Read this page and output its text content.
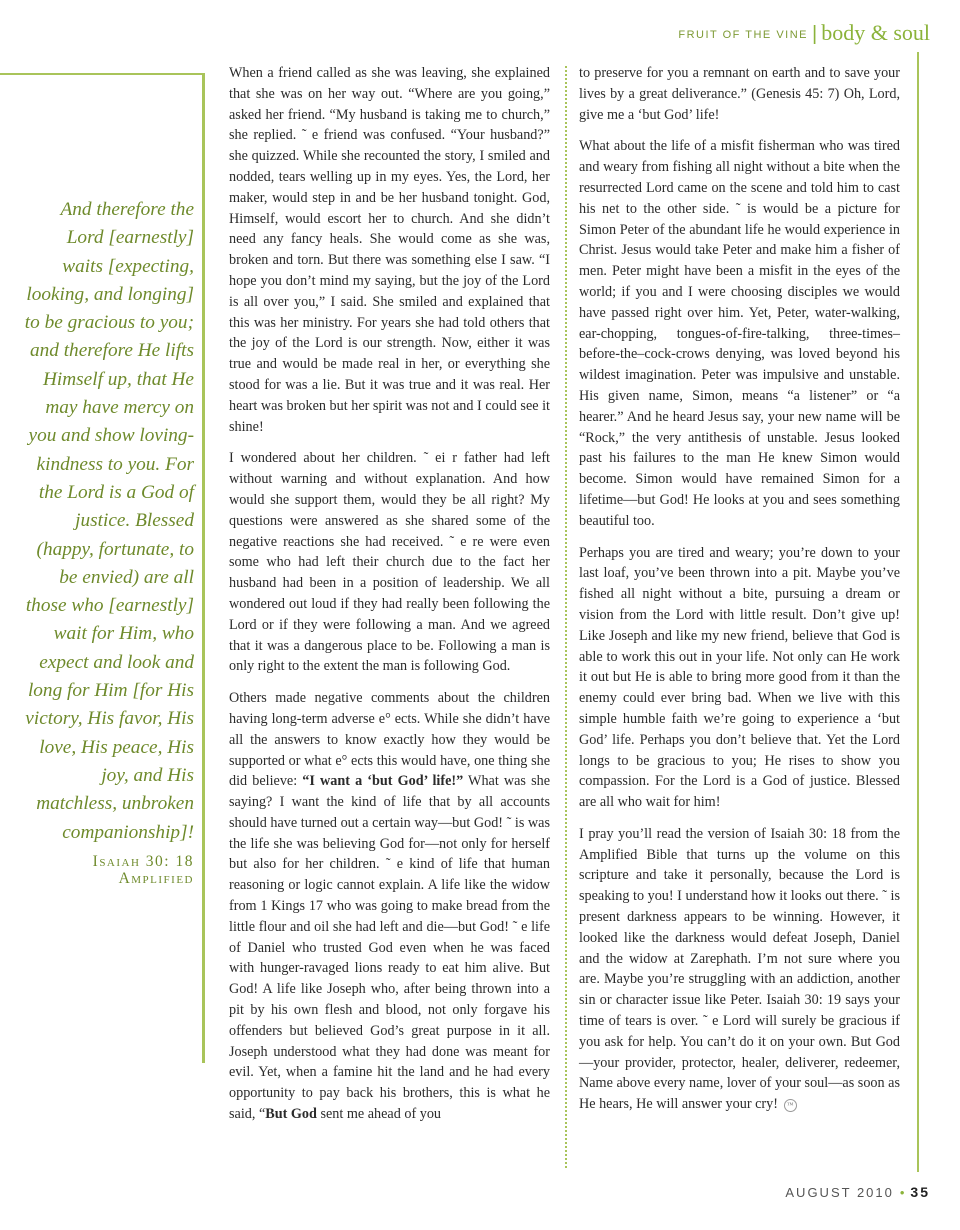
FRUIT OF THE VINE | body & soul
And therefore the Lord [earnestly] waits [expecting, looking, and longing] to be gracious to you; and therefore He lifts Himself up, that He may have mercy on you and show loving-kindness to you. For the Lord is a God of justice. Blessed (happy, fortunate, to be envied) are all those who [earnestly] wait for Him, who expect and look and long for Him [for His victory, His favor, His love, His peace, His joy, and His matchless, unbroken companionship]!
Isaiah 30: 18
Amplified

When a friend called as she was leaving, she explained that she was on her way out. “Where are you going,” asked her friend. “My husband is taking me to church,” she replied. ˜ e friend was confused. “Your husband?” she quizzed. While she recounted the story, I smiled and nodded, tears welling up in my eyes. Yes, the Lord, her maker, would step in and be her husband tonight. God, Himself, would escort her to church. And she didn’t need any fancy heals. She would come as she was, broken and torn. But there was something else I saw. “I hope you don’t mind my saying, but the joy of the Lord is all over you,” I said. She smiled and explained that this was her ministry. For years she had told others that the joy of the Lord is our strength. Now, either it was true and would be made real in her, or everything she stood for was a lie. But it was true and it was real. Her heart was broken but her spirit was not and I could see it shine!

I wondered about her children. ˜ ei r father had left without warning and without explanation. And how would she support them, would they be all right? My questions were answered as she shared some of the negative reactions she had received. ˜ e re were even some who had left their church due to the fact her husband had been in a position of leadership. We all wondered out loud if they had really been following the Lord or if they were following a man. And we agreed that it was a dangerous place to be. Following a man is only right to the extent the man is following God.

Others made negative comments about the children having long-term adverse e° ects. While she didn’t have all the answers to know exactly how they would be supported or what e° ects this would have, one thing she did believe: “I want a ‘but God’ life!” What was she saying? I want the kind of life that by all accounts should have turned out a certain way—but God! ˜ is was the life she was believing God for—not only for herself but also for her children. ˜ e kind of life that human reasoning or logic cannot explain. A life like the widow from 1 Kings 17 who was going to make bread from the little flour and oil she had left and die—but God! ˜ e life of Daniel who trusted God even when he was faced with hunger-ravaged lions ready to eat him alive. But God! A life like Joseph who, after being thrown into a pit by his own flesh and blood, not only forgave his offenders but believed God’s great purpose in it all. Joseph understood what they had done was meant for evil. Yet, when a famine hit the land and he had every opportunity to pay back his brothers, this is what he said, “But God sent me ahead of you

to preserve for you a remnant on earth and to save your lives by a great deliverance.” (Genesis 45: 7) Oh, Lord, give me a ‘but God’ life!

What about the life of a misfit fisherman who was tired and weary from fishing all night without a bite when the resurrected Lord came on the scene and told him to cast his net to the other side. ˜ is would be a picture for Simon Peter of the abundant life he would experience in Christ. Jesus would take Peter and make him a fisher of men. Peter might have been a misfit in the eyes of the world; if you and I were choosing disciples we would have passed right over him. Yet, Peter, water-walking, ear-chopping, tongues-of-fire-talking, three-times–before-the–cock-crows denying, was loved beyond his wildest imagination. Peter was impulsive and unstable. His given name, Simon, means “a listener” or “a hearer.” And he heard Jesus say, your new name will be “Rock,” the very antithesis of unstable. Jesus looked past his failures to the man He knew Simon would become. Simon would have remained Simon for a lifetime—but God! He looks at you and sees something beautiful too.

Perhaps you are tired and weary; you’re down to your last loaf, you’ve been thrown into a pit. Maybe you’ve fished all night without a bite, pursuing a dream or vision from the Lord with little result. Don’t give up! Like Joseph and like my new friend, believe that God is able to work this out in your life. Not only can He work it out but He is able to bring more good from it than the enemy could ever bring bad. When we live with this simple humble faith we’re going to experience a ‘but God’ life. Perhaps you don’t believe that. Yet the Lord longs to be gracious to you; He rises to show you compassion. For the Lord is a God of justice. Blessed are all who wait for him!

I pray you’ll read the version of Isaiah 30: 18 from the Amplified Bible that turns up the volume on this scripture and take it personally, because the Lord is speaking to you! I understand how it looks out there. ˜ is present darkness appears to be winning. However, it looked like the darkness would defeat Joseph, Daniel and the widow at Zarephath. I’m not sure where you are. Maybe you’re struggling with an addiction, another sin or character issue like Peter. Isaiah 30: 19 says your time of tears is over. ˜ e Lord will surely be gracious if you ask for help. You can’t do it on your own. But God—your provider, protector, healer, deliverer, redeemer, Name above every name, lover of your soul—as soon as He hears, He will answer your cry! ™

AUGUST 2010 • 35
